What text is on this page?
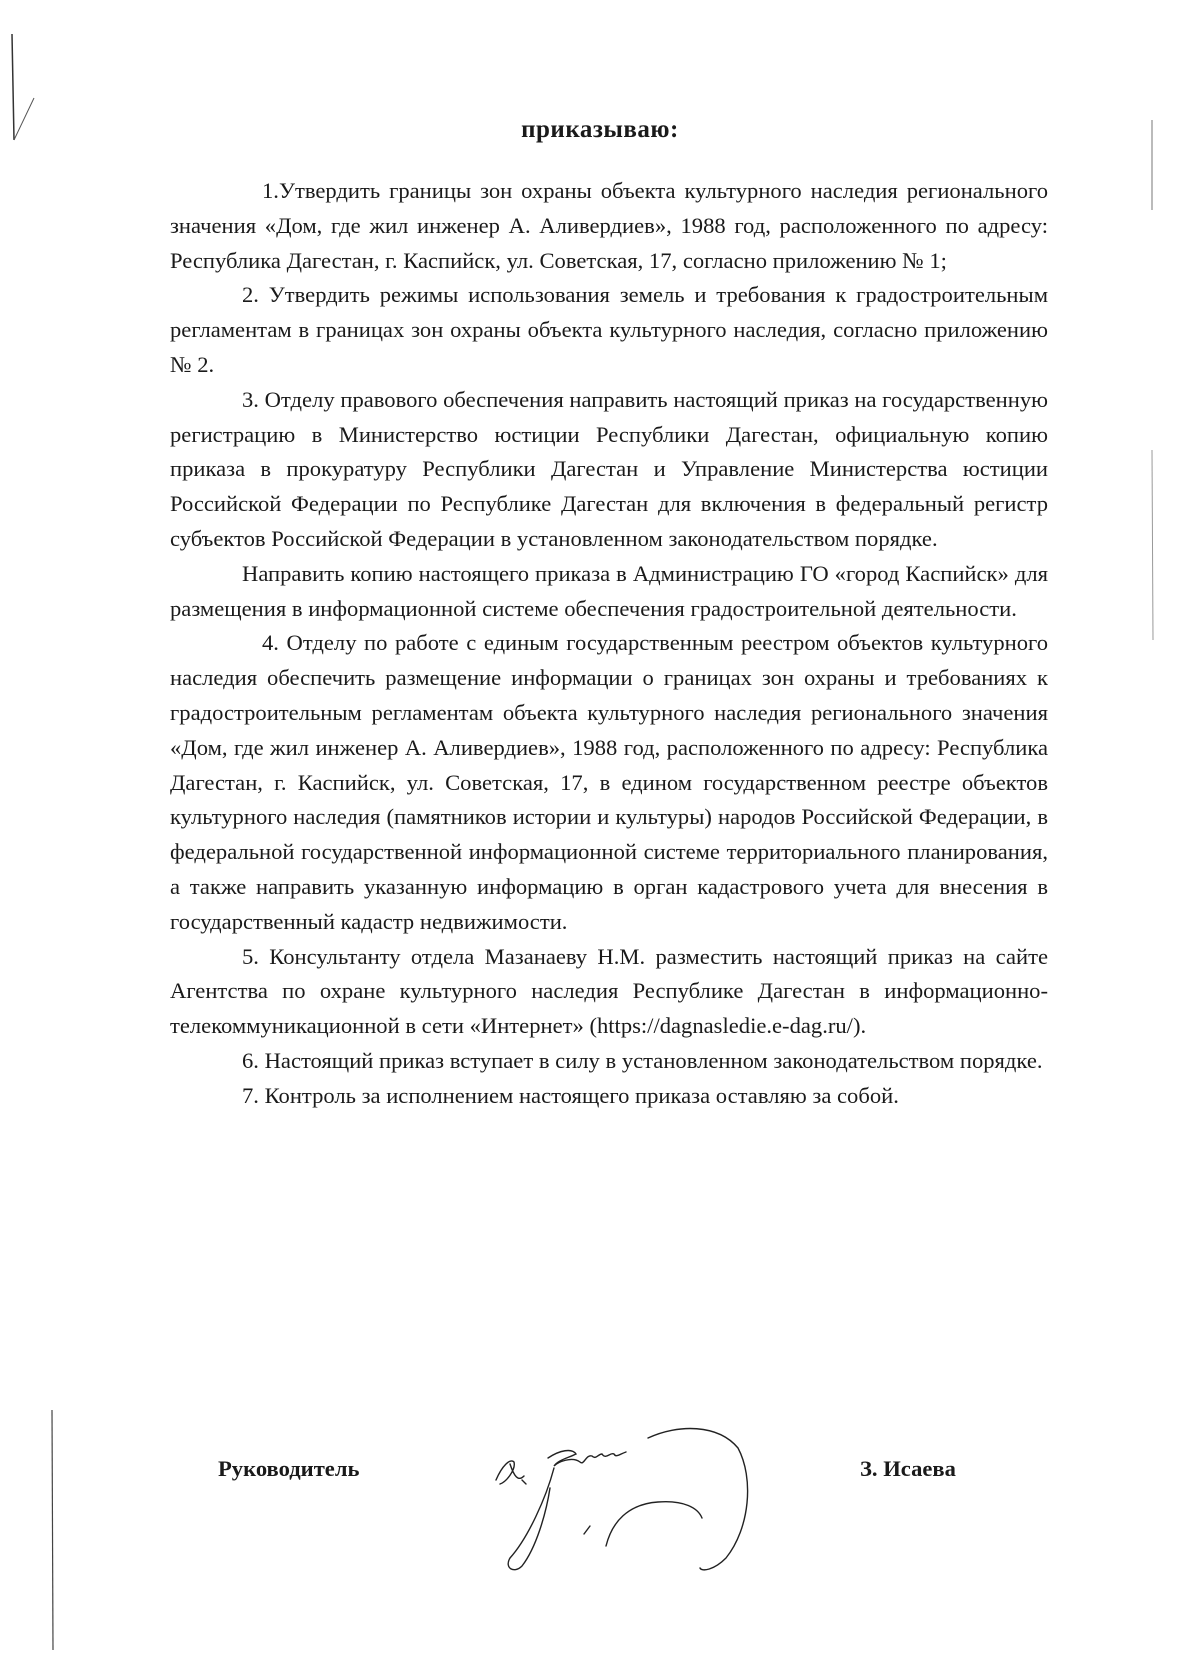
приказываю:

1.Утвердить границы зон охраны объекта культурного наследия регионального значения «Дом, где жил инженер А. Аливердиев», 1988 год, расположенного по адресу: Республика Дагестан, г. Каспийск, ул. Советская, 17, согласно приложению № 1;

2. Утвердить режимы использования земель и требования к градостроительным регламентам в границах зон охраны объекта культурного наследия, согласно приложению № 2.

3. Отделу правового обеспечения направить настоящий приказ на государственную регистрацию в Министерство юстиции Республики Дагестан, официальную копию приказа в прокуратуру Республики Дагестан и Управление Министерства юстиции Российской Федерации по Республике Дагестан для включения в федеральный регистр субъектов Российской Федерации в установленном законодательством порядке.

Направить копию настоящего приказа в Администрацию ГО «город Каспийск» для размещения в информационной системе обеспечения градостроительной деятельности.

4. Отделу по работе с единым государственным реестром объектов культурного наследия обеспечить размещение информации о границах зон охраны и требованиях к градостроительным регламентам объекта культурного наследия регионального значения «Дом, где жил инженер А. Аливердиев», 1988 год, расположенного по адресу: Республика Дагестан, г. Каспийск, ул. Советская, 17, в едином государственном реестре объектов культурного наследия (памятников истории и культуры) народов Российской Федерации, в федеральной государственной информационной системе территориального планирования, а также направить указанную информацию в орган кадастрового учета для внесения в государственный кадастр недвижимости.

5. Консультанту отдела Мазанаеву Н.М. разместить настоящий приказ на сайте Агентства по охране культурного наследия Республике Дагестан в информационно-телекоммуникационной в сети «Интернет» (https://dagnasledie.e-dag.ru/).

6. Настоящий приказ вступает в силу в установленном законодательством порядке.

7. Контроль за исполнением настоящего приказа оставляю за собой.

Руководитель	З. Исаева
